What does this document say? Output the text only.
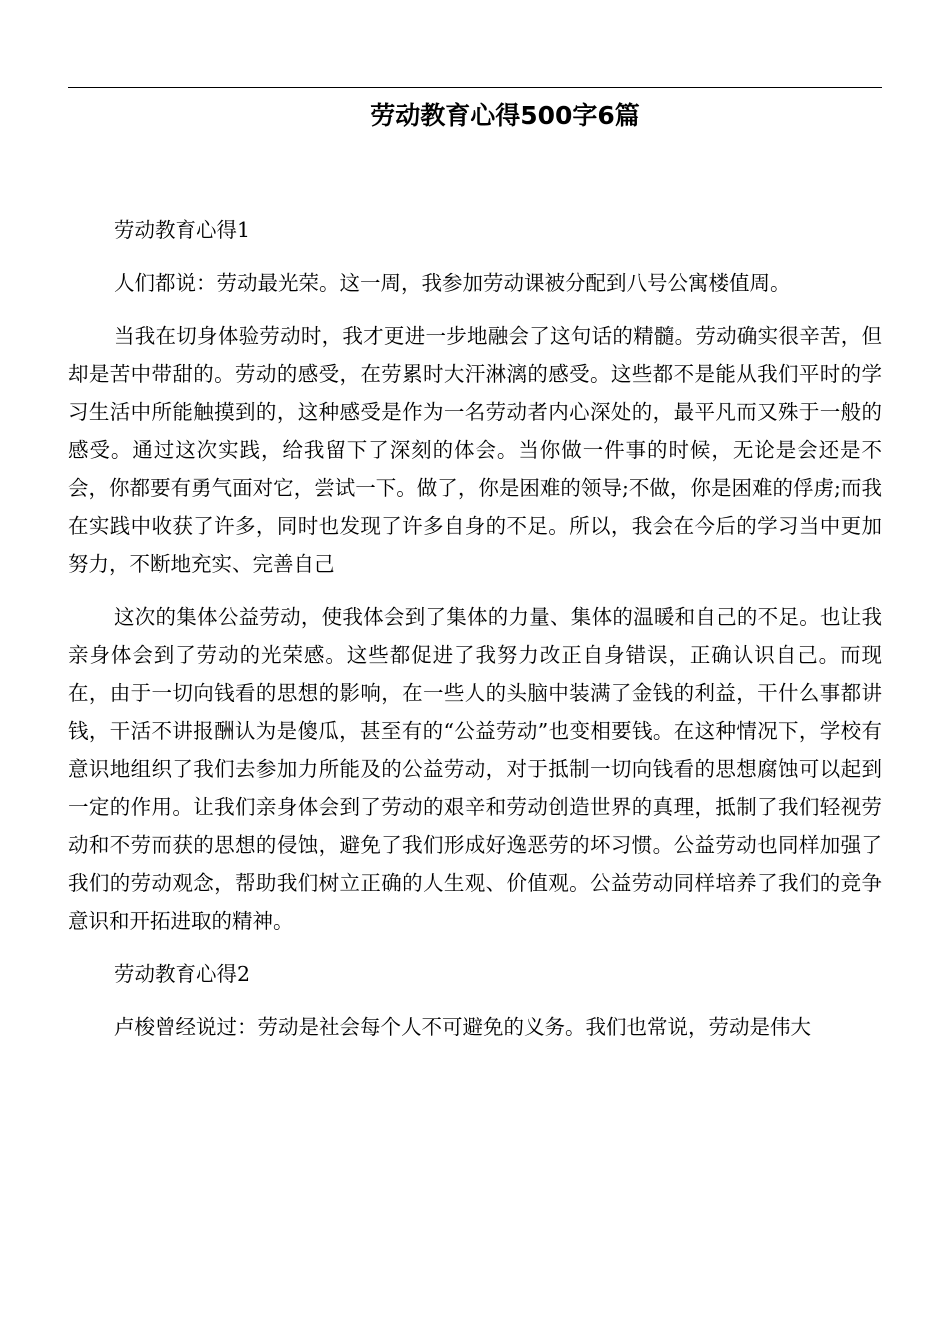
劳动教育心得500字6篇

劳动教育心得1

人们都说：劳动最光荣。这一周，我参加劳动课被分配到八号公寓楼值周。

当我在切身体验劳动时，我才更进一步地融会了这句话的精髓。劳动确实很辛苦，但却是苦中带甜的。劳动的感受，在劳累时大汗淋漓的感受。这些都不是能从我们平时的学习生活中所能触摸到的，这种感受是作为一名劳动者内心深处的，最平凡而又殊于一般的感受。通过这次实践，给我留下了深刻的体会。当你做一件事的时候，无论是会还是不会，你都要有勇气面对它，尝试一下。做了，你是困难的领导;不做，你是困难的俘虏;而我在实践中收获了许多，同时也发现了许多自身的不足。所以，我会在今后的学习当中更加努力，不断地充实、完善自己

这次的集体公益劳动，使我体会到了集体的力量、集体的温暖和自己的不足。也让我亲身体会到了劳动的光荣感。这些都促进了我努力改正自身错误，正确认识自己。而现在，由于一切向钱看的思想的影响，在一些人的头脑中装满了金钱的利益，干什么事都讲钱，干活不讲报酬认为是傻瓜，甚至有的“公益劳动”也变相要钱。在这种情况下，学校有意识地组织了我们去参加力所能及的公益劳动，对于抵制一切向钱看的思想腐蚀可以起到一定的作用。让我们亲身体会到了劳动的艰辛和劳动创造世界的真理，抵制了我们轻视劳动和不劳而获的思想的侵蚀，避免了我们形成好逸恶劳的坏习惯。公益劳动也同样加强了我们的劳动观念，帮助我们树立正确的人生观、价值观。公益劳动同样培养了我们的竞争意识和开拓进取的精神。

劳动教育心得2

卢梭曾经说过：劳动是社会每个人不可避免的义务。我们也常说，劳动是伟大
